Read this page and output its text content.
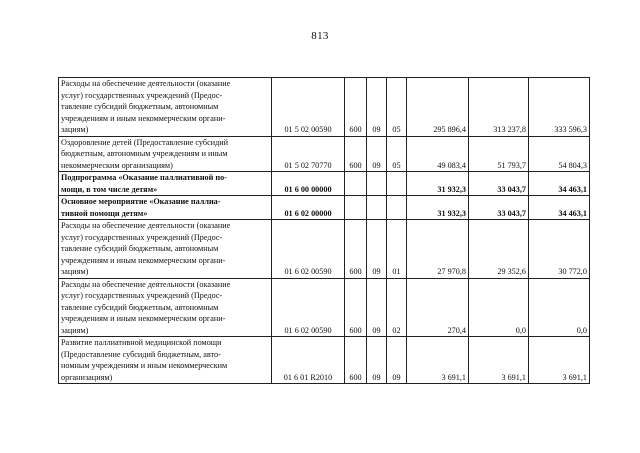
813
Расходы на обеспечение деятельности (оказание
услуг) государственных учреждений (Предос-
тавление субсидий бюджетным, автономным
учреждениям и иным некоммерческим органи-
зациям)	01 5 02 00590	600	09	05	295 896,4	313 237,8	333 596,3

Оздоровление детей (Предоставление субсидий
бюджетным, автономным учреждениям и иным
некоммерческим организациям)	01 5 02 70770	600	09	05	49 083,4	51 793,7	54 804,3

Подпрограмма «Оказание паллиативной по-
мощи, в том числе детям»	01 6 00 00000				31 932,3	33 043,7	34 463,1

Основное мероприятие «Оказание паллиа-
тивной помощи детям»	01 6 02 00000				31 932,3	33 043,7	34 463,1

Расходы на обеспечение деятельности (оказание
услуг) государственных учреждений (Предос-
тавление субсидий бюджетным, автономным
учреждениям и иным некоммерческим органи-
зациям)	01 6 02 00590	600	09	01	27 970,8	29 352,6	30 772,0

Расходы на обеспечение деятельности (оказание
услуг) государственных учреждений (Предос-
тавление субсидий бюджетным, автономным
учреждениям и иным некоммерческим органи-
зациям)	01 6 02 00590	600	09	02	270,4	0,0	0,0

Развитие паллиативной медицинской помощи
(Предоставление субсидий бюджетным, авто-
номным учреждениям и иным некоммерческим
организациям)	01 6 01 R2010	600	09	09	3 691,1	3 691,1	3 691,1
